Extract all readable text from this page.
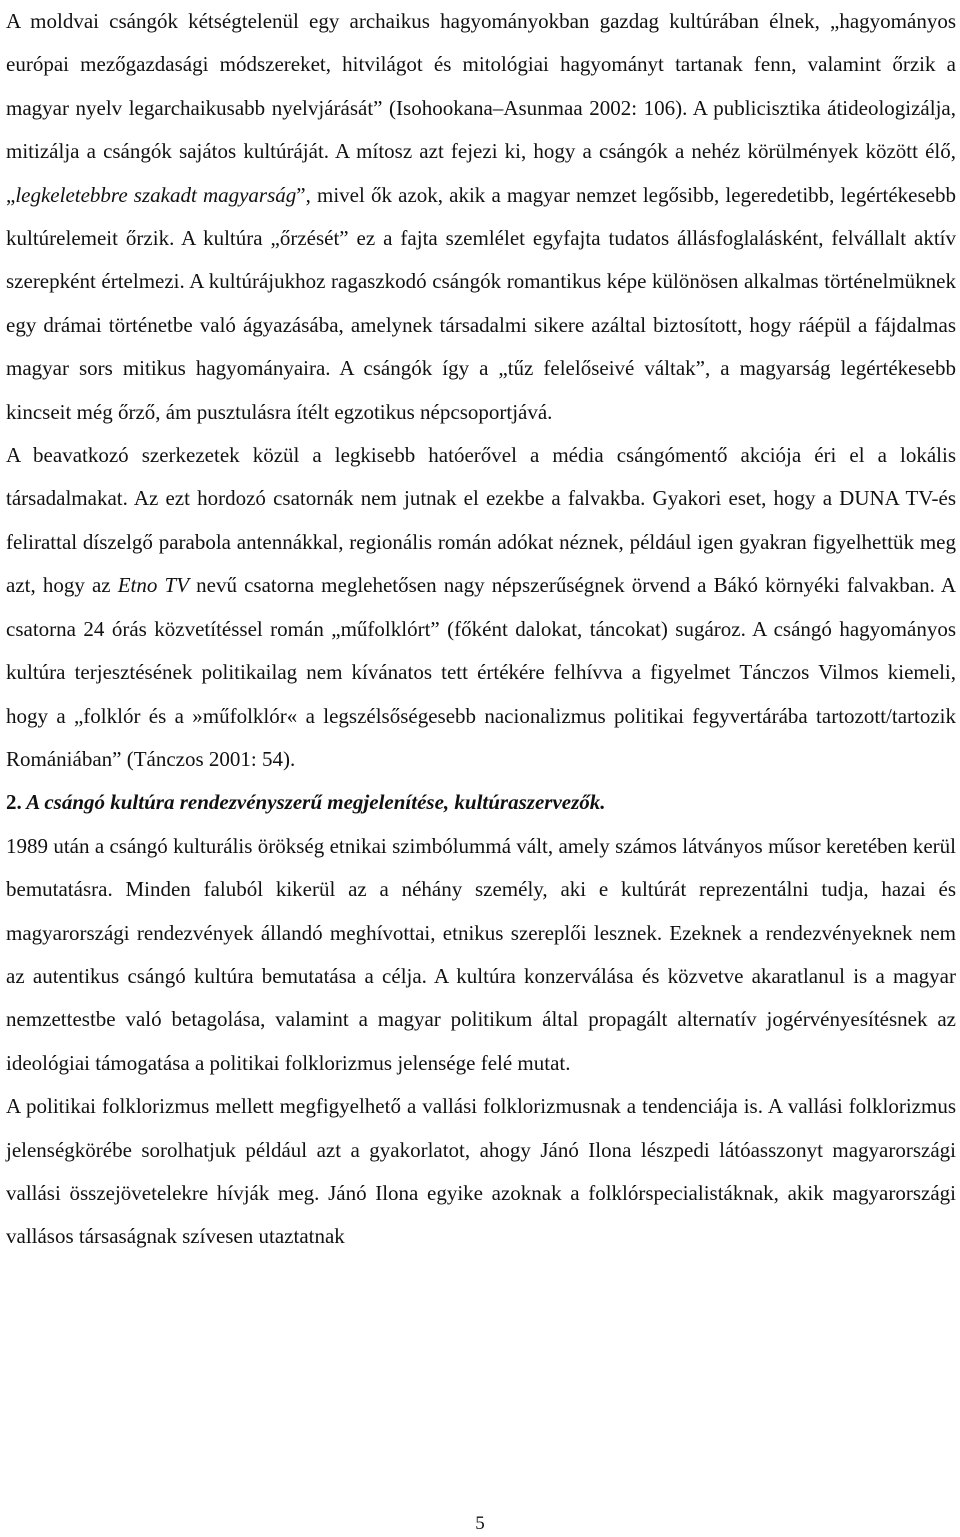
A moldvai csángók kétségtelenül egy archaikus hagyományokban gazdag kultúrában élnek, „hagyományos európai mezőgazdasági módszereket, hitvilágot és mitológiai hagyományt tartanak fenn, valamint őrzik a magyar nyelv legarchaikusabb nyelvjárását” (Isohookana–Asunmaa 2002: 106). A publicisztika átideologizálja, mitizálja a csángók sajátos kultúráját. A mítosz azt fejezi ki, hogy a csángók a nehéz körülmények között élő, „legkeletebbre szakadt magyarság”, mivel ők azok, akik a magyar nemzet legősibb, legeredetibb, legértékesebb kultúrelemeit őrzik. A kultúra „őrzését” ez a fajta szemlélet egyfajta tudatos állásfoglalásként, felvállalt aktív szerepként értelmezi. A kultúrájukhoz ragaszkodó csángók romantikus képe különösen alkalmas történelmüknek egy drámai történetbe való ágyazásába, amelynek társadalmi sikere azáltal biztosított, hogy ráépül a fájdalmas magyar sors mitikus hagyományaira. A csángók így a „tűz felelőseivé váltak”, a magyarság legértékesebb kincseit még őrző, ám pusztulásra ítélt egzotikus népcsoportjává.

A beavatkozó szerkezetek közül a legkisebb hatóerővel a média csángómentő akciója éri el a lokális társadalmakat. Az ezt hordozó csatornák nem jutnak el ezekbe a falvakba. Gyakori eset, hogy a DUNA TV-és felirattal díszelgő parabola antennákkal, regionális román adókat néznek, például igen gyakran figyelhettük meg azt, hogy az Etno TV nevű csatorna meglehetősen nagy népszerűségnek örvend a Bákó környéki falvakban. A csatorna 24 órás közvetítéssel román „műfolklórt” (főként dalokat, táncokat) sugároz. A csángó hagyományos kultúra terjesztésének politikailag nem kívánatos tett értékére felhívva a figyelmet Tánczos Vilmos kiemeli, hogy a „folklór és a »műfolklór« a legszélsőségesebb nacionalizmus politikai fegyvertárába tartozott/tartozik Romániában” (Tánczos 2001: 54).

2. A csángó kultúra rendezvényszerű megjelenítése, kultúraszervezők.

1989 után a csángó kulturális örökség etnikai szimbólummá vált, amely számos látványos műsor keretében kerül bemutatásra. Minden faluból kikerül az a néhány személy, aki e kultúrát reprezentálni tudja, hazai és magyarországi rendezvények állandó meghívottai, etnikus szereplői lesznek. Ezeknek a rendezvényeknek nem az autentikus csángó kultúra bemutatása a célja. A kultúra konzerválása és közvetve akaratlanul is a magyar nemzettestbe való betagolása, valamint a magyar politikum által propagált alternatív jogérvényesítésnek az ideológiai támogatása a politikai folklorizmus jelensége felé mutat.

A politikai folklorizmus mellett megfigyelhető a vallási folklorizmusnak a tendenciája is. A vallási folklorizmus jelenségkörébe sorolhatjuk például azt a gyakorlatot, ahogy Jánó Ilona lészpedi látóasszonyt magyarországi vallási összejövetelekre hívják meg. Jánó Ilona egyike azoknak a folklórspecialistáknak, akik magyarországi vallásos társaságnak szívesen utaztatnak

5
